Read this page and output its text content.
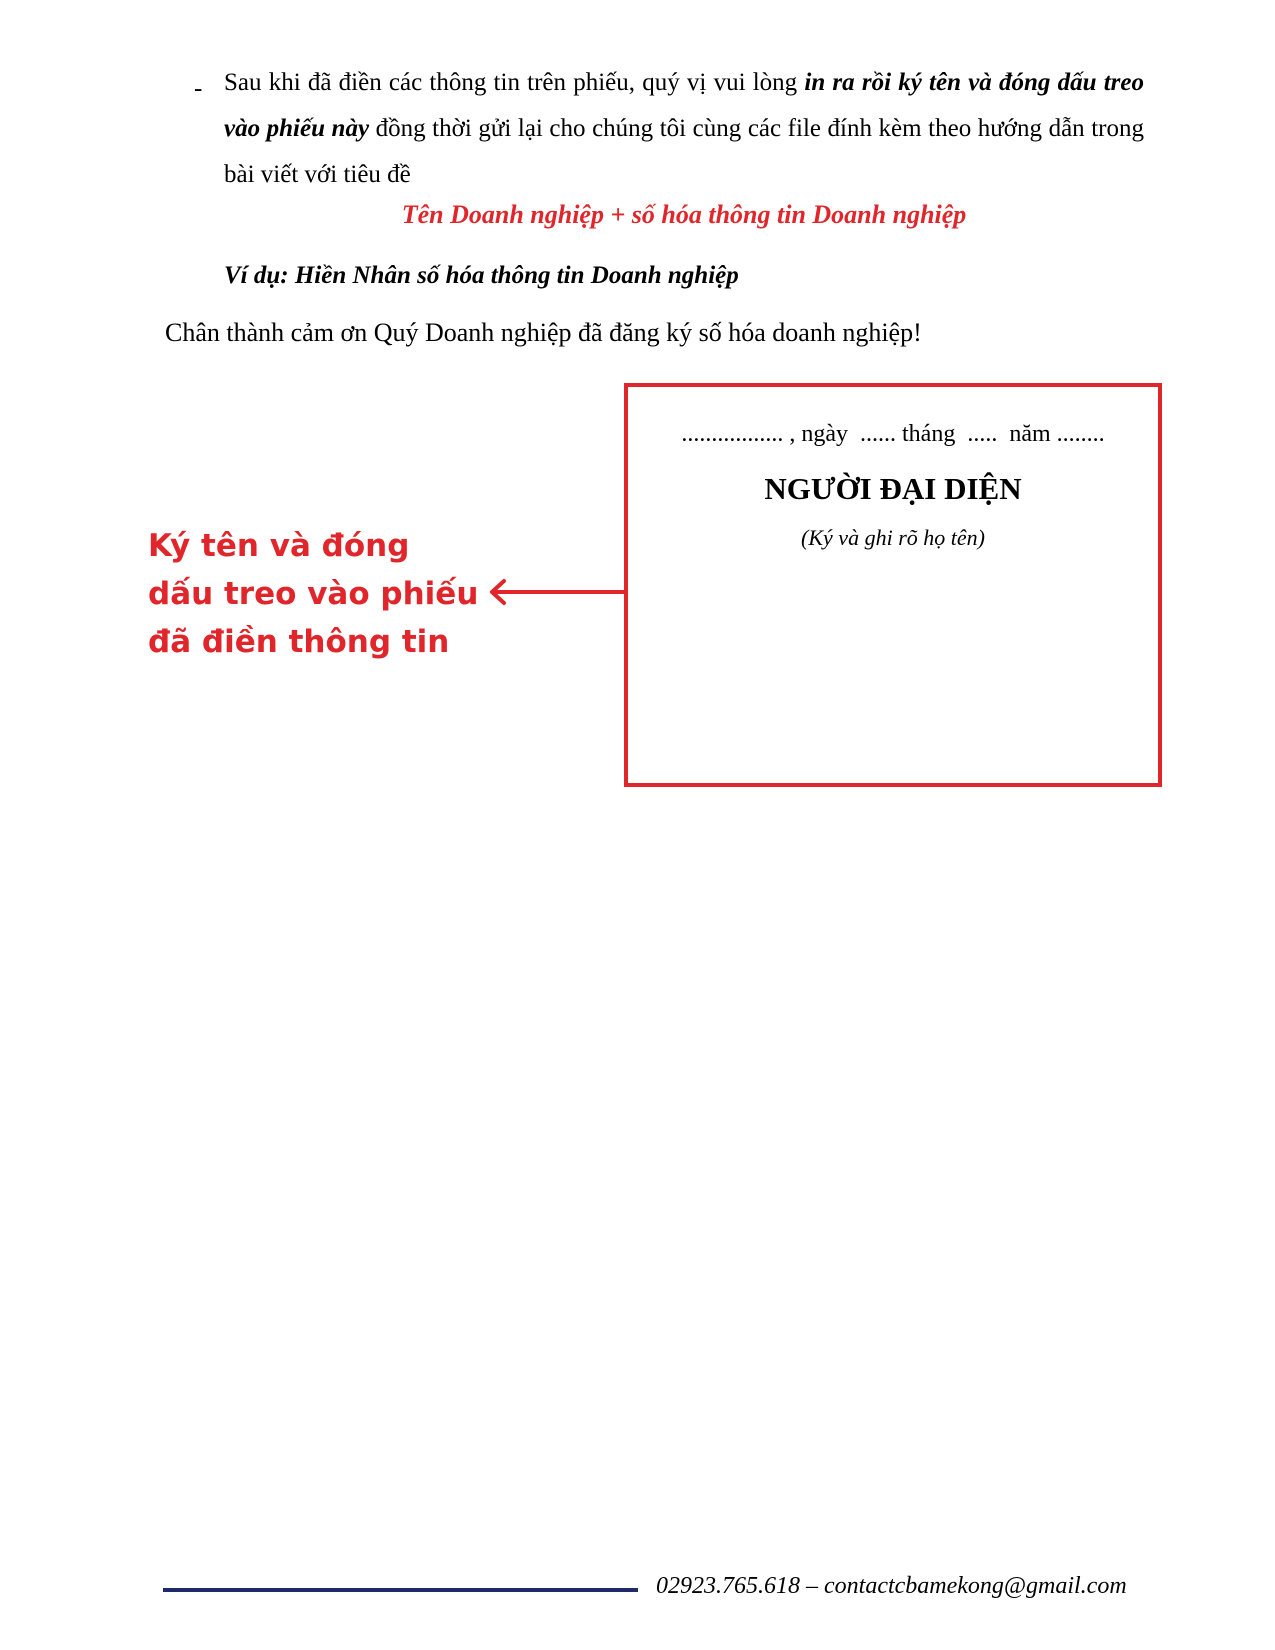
- Sau khi đã điền các thông tin trên phiếu, quý vị vui lòng in ra rồi ký tên và đóng dấu treo vào phiếu này đồng thời gửi lại cho chúng tôi cùng các file đính kèm theo hướng dẫn trong bài viết với tiêu đề

Tên Doanh nghiệp + số hóa thông tin Doanh nghiệp
Ví dụ: Hiền Nhân số hóa thông tin Doanh nghiệp
Chân thành cảm ơn Quý Doanh nghiệp đã đăng ký số hóa doanh nghiệp!
................. , ngày  ...... tháng  .....  năm ........
NGƯỜI ĐẠI DIỆN
(Ký và ghi rõ họ tên)
Ký tên và đóng
dấu treo vào phiếu
đã điền thông tin
02923.765.618 – contactcbamekong@gmail.com
